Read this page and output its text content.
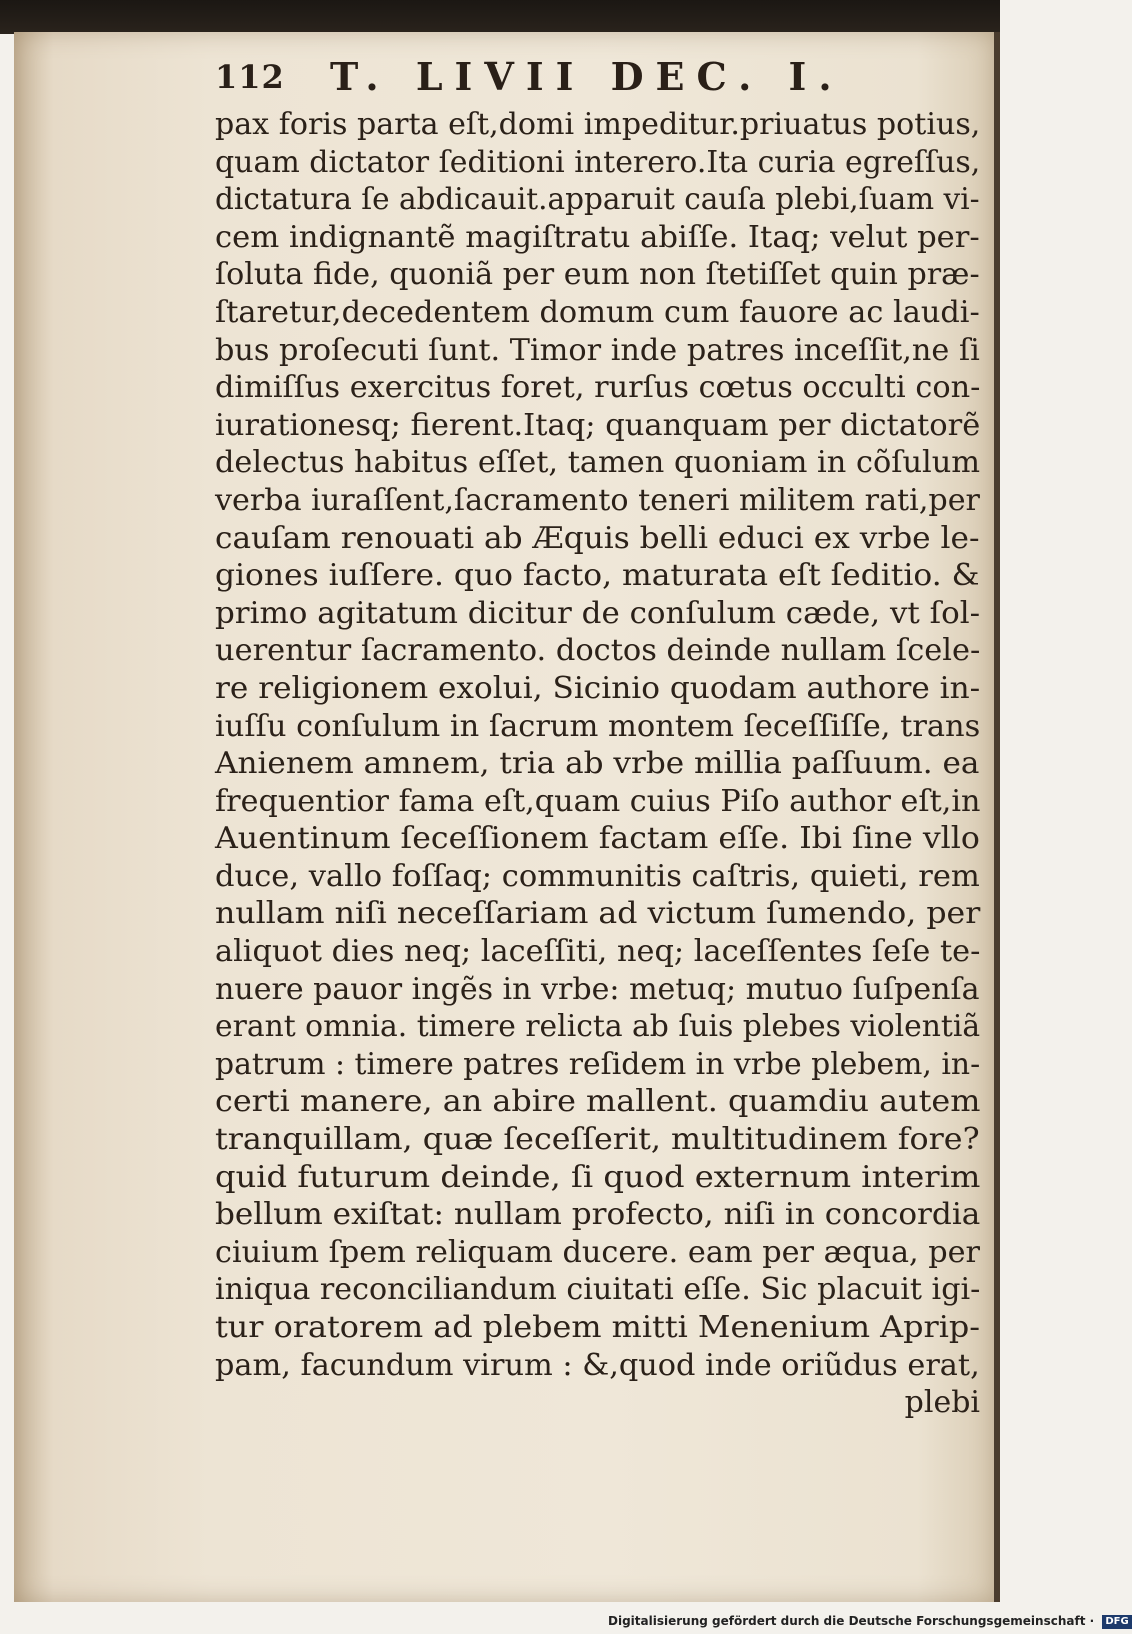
112 T. LIVII DEC. I.
pax foris parta eſt,domi impeditur.priuatus potius,
quam dictator ſeditioni interero.Ita curia egreſſus,
dictatura ſe abdicauit.apparuit cauſa plebi,ſuam vi-
cem indignantẽ magiſtratu abiſſe. Itaq; velut per-
ſoluta fide, quoniã per eum non ſtetiſſet quin præ-
ſtaretur,decedentem domum cum fauore ac laudi-
bus proſecuti ſunt. Timor inde patres inceſſit,ne ſi
dimiſſus exercitus foret, rurſus cœtus occulti con-
iurationesq; fierent.Itaq; quanquam per dictatorẽ
delectus habitus eſſet, tamen quoniam in cõſulum
verba iuraſſent,ſacramento teneri militem rati,per
cauſam renouati ab Æquis belli educi ex vrbe le-
giones iuſſere. quo facto, maturata eſt ſeditio. &
primo agitatum dicitur de conſulum cæde, vt ſol-
uerentur ſacramento. doctos deinde nullam ſcele-
re religionem exolui, Sicinio quodam authore in-
iuſſu conſulum in ſacrum montem ſeceſſiſſe, trans
Anienem amnem, tria ab vrbe millia paſſuum. ea
frequentior fama eſt,quam cuius Piſo author eſt,in
Auentinum ſeceſſionem factam eſſe. Ibi ſine vllo
duce, vallo foſſaq; communitis caſtris, quieti, rem
nullam niſi neceſſariam ad victum ſumendo, per
aliquot dies neq; laceſſiti, neq; laceſſentes ſeſe te-
nuere pauor ingẽs in vrbe: metuq; mutuo ſuſpenſa
erant omnia. timere relicta ab ſuis plebes violentiã
patrum : timere patres reſidem in vrbe plebem, in-
certi manere, an abire mallent. quamdiu autem
tranquillam, quæ ſeceſſerit, multitudinem fore?
quid futurum deinde, ſi quod externum interim
bellum exiſtat: nullam profecto, niſi in concordia
ciuium ſpem reliquam ducere. eam per æqua, per
iniqua reconciliandum ciuitati eſſe. Sic placuit igi-
tur oratorem ad plebem mitti Menenium Aprip-
pam, facundum virum : &,quod inde oriũdus erat,
plebi
Digitalisierung gefördert durch die Deutsche Forschungsgemeinschaft · DFG
